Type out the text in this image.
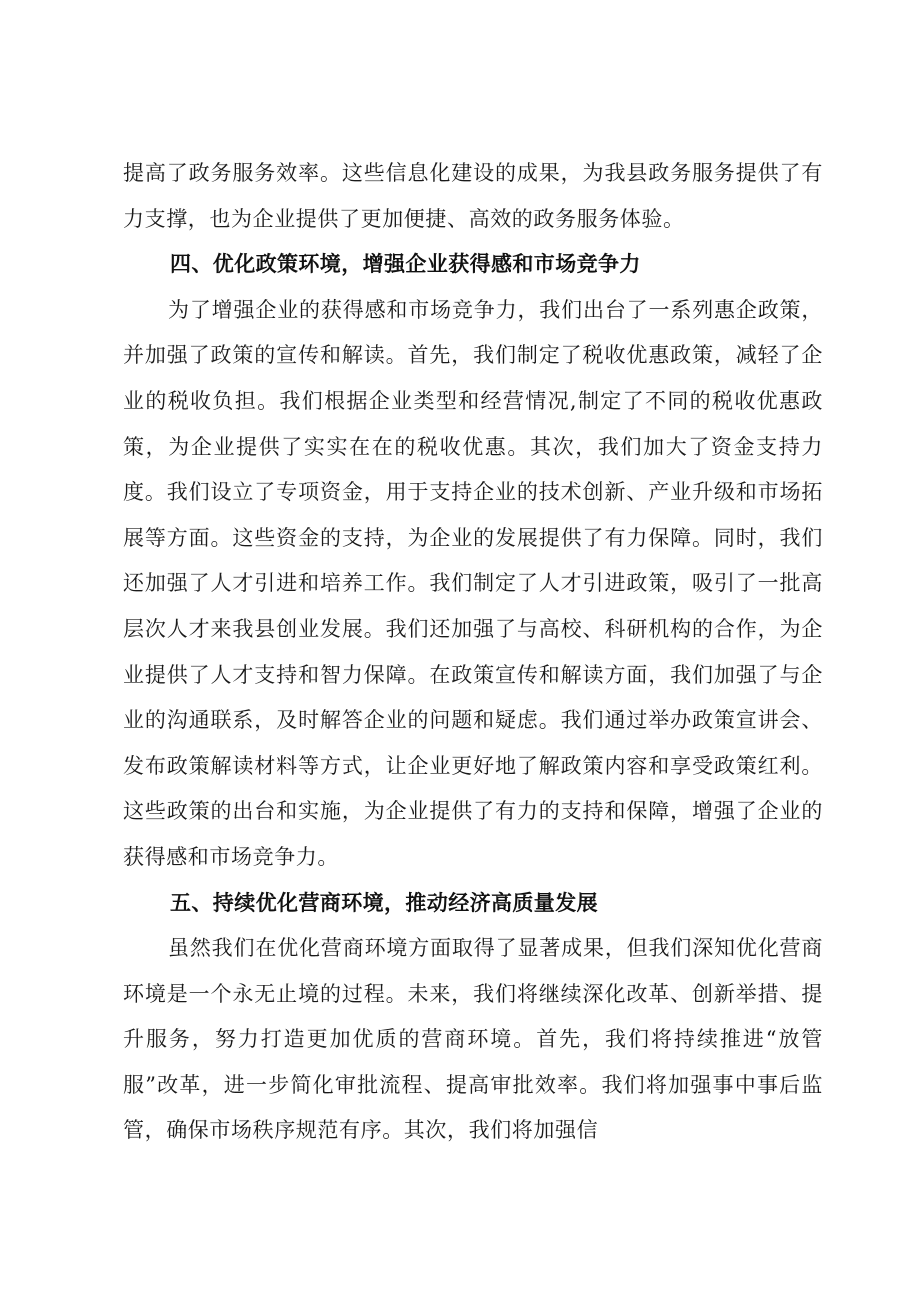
提高了政务服务效率。这些信息化建设的成果，为我县政务服务提供了有力支撑，也为企业提供了更加便捷、高效的政务服务体验。

四、优化政策环境，增强企业获得感和市场竞争力

为了增强企业的获得感和市场竞争力，我们出台了一系列惠企政策，并加强了政策的宣传和解读。首先，我们制定了税收优惠政策，减轻了企业的税收负担。我们根据企业类型和经营情况,制定了不同的税收优惠政策，为企业提供了实实在在的税收优惠。其次，我们加大了资金支持力度。我们设立了专项资金，用于支持企业的技术创新、产业升级和市场拓展等方面。这些资金的支持，为企业的发展提供了有力保障。同时，我们还加强了人才引进和培养工作。我们制定了人才引进政策，吸引了一批高层次人才来我县创业发展。我们还加强了与高校、科研机构的合作，为企业提供了人才支持和智力保障。在政策宣传和解读方面，我们加强了与企业的沟通联系，及时解答企业的问题和疑虑。我们通过举办政策宣讲会、发布政策解读材料等方式，让企业更好地了解政策内容和享受政策红利。这些政策的出台和实施，为企业提供了有力的支持和保障，增强了企业的获得感和市场竞争力。

五、持续优化营商环境，推动经济高质量发展

虽然我们在优化营商环境方面取得了显著成果，但我们深知优化营商环境是一个永无止境的过程。未来，我们将继续深化改革、创新举措、提升服务，努力打造更加优质的营商环境。首先，我们将持续推进“放管服”改革，进一步简化审批流程、提高审批效率。我们将加强事中事后监管，确保市场秩序规范有序。其次，我们将加强信
